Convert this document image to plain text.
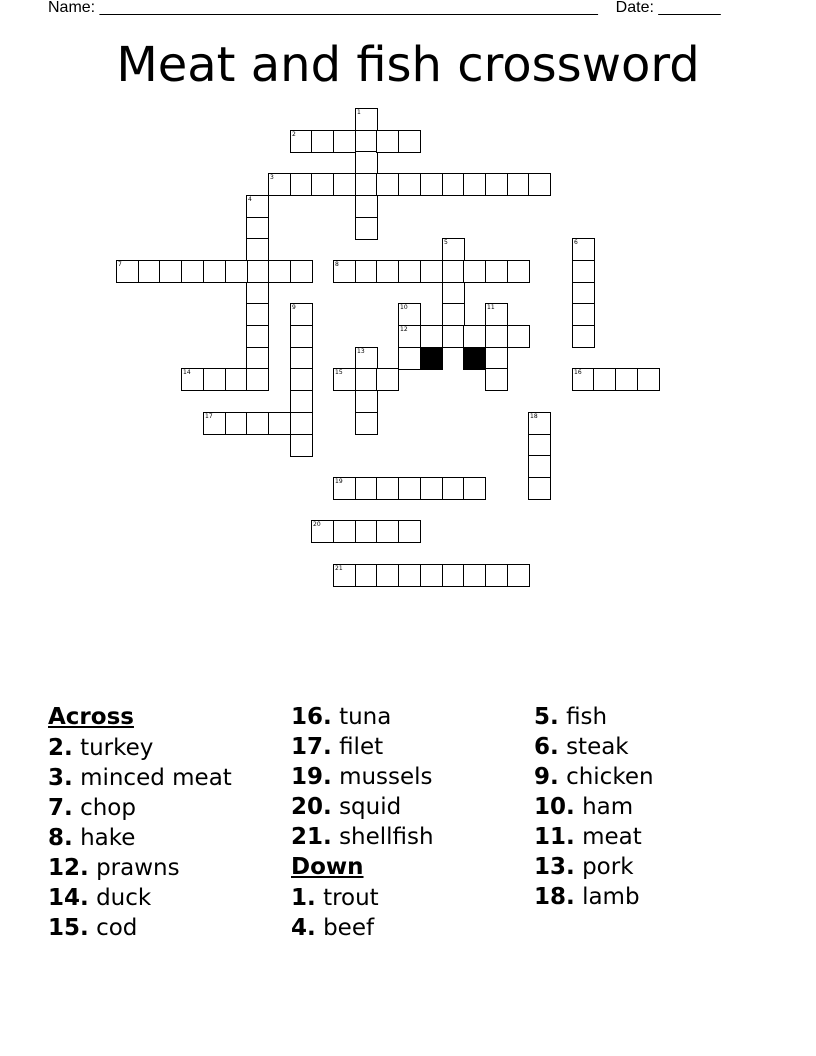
Name: ________________________________________________________    Date: _______
Meat and fish crossword
1
2
3
4
5	6
7	8
9	10
12
11
13
14	15	16
17	18
19
20
21
Across
2. turkey
3. minced meat
7. chop
8. hake
12. prawns
14. duck
15. cod
16. tuna
17. filet
19. mussels
20. squid
21. shellfish
Down
1. trout
4. beef
5. fish
6. steak
9. chicken
10. ham
11. meat
13. pork
18. lamb
